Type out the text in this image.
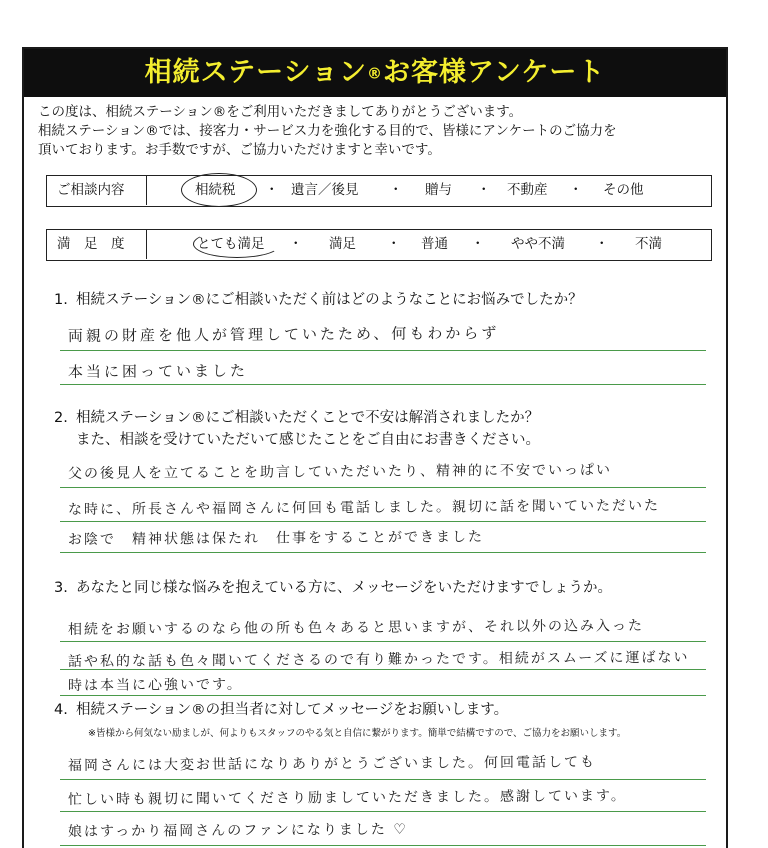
相続ステーション®お客様アンケート
この度は、相続ステーション®をご利用いただきましてありがとうございます。
相続ステーション®では、接客力・サービス力を強化する目的で、皆様にアンケートのご協力を
頂いております。お手数ですが、ご協力いただけますと幸いです。
ご相談内容	相続税 ・ 遺言／後見 ・ 贈与 ・ 不動産 ・ その他
満　足　度	とても満足 ・ 満足 ・ 普通 ・ やや不満 ・ 不満
1. 相続ステーション®にご相談いただく前はどのようなことにお悩みでしたか？
両親の財産を他人が管理していたため、何もわからず
本当に困っていました
2. 相続ステーション®にご相談いただくことで不安は解消されましたか？
また、相談を受けていただいて感じたことをご自由にお書きください。
父の後見人を立てることを助言していただいたり、精神的に不安でいっぱい
な時に、所長さんや福岡さんに何回も電話しました。親切に話を聞いていただいた
お陰で　精神状態は保たれ　仕事をすることができました
3. あなたと同じ様な悩みを抱えている方に、メッセージをいただけますでしょうか。
相続をお願いするのなら他の所も色々あると思いますが、それ以外の込み入った
話や私的な話も色々聞いてくださるので有り難かったです。相続がスムーズに運ばない
時は本当に心強いです。
4. 相続ステーション®の担当者に対してメッセージをお願いします。
※皆様から何気ない励ましが、何よりもスタッフのやる気と自信に繋がります。簡単で結構ですので、ご協力をお願いします。
福岡さんには大変お世話になりありがとうございました。何回電話しても
忙しい時も親切に聞いてくださり励ましていただきました。感謝しています。
娘はすっかり福岡さんのファンになりました ♡
